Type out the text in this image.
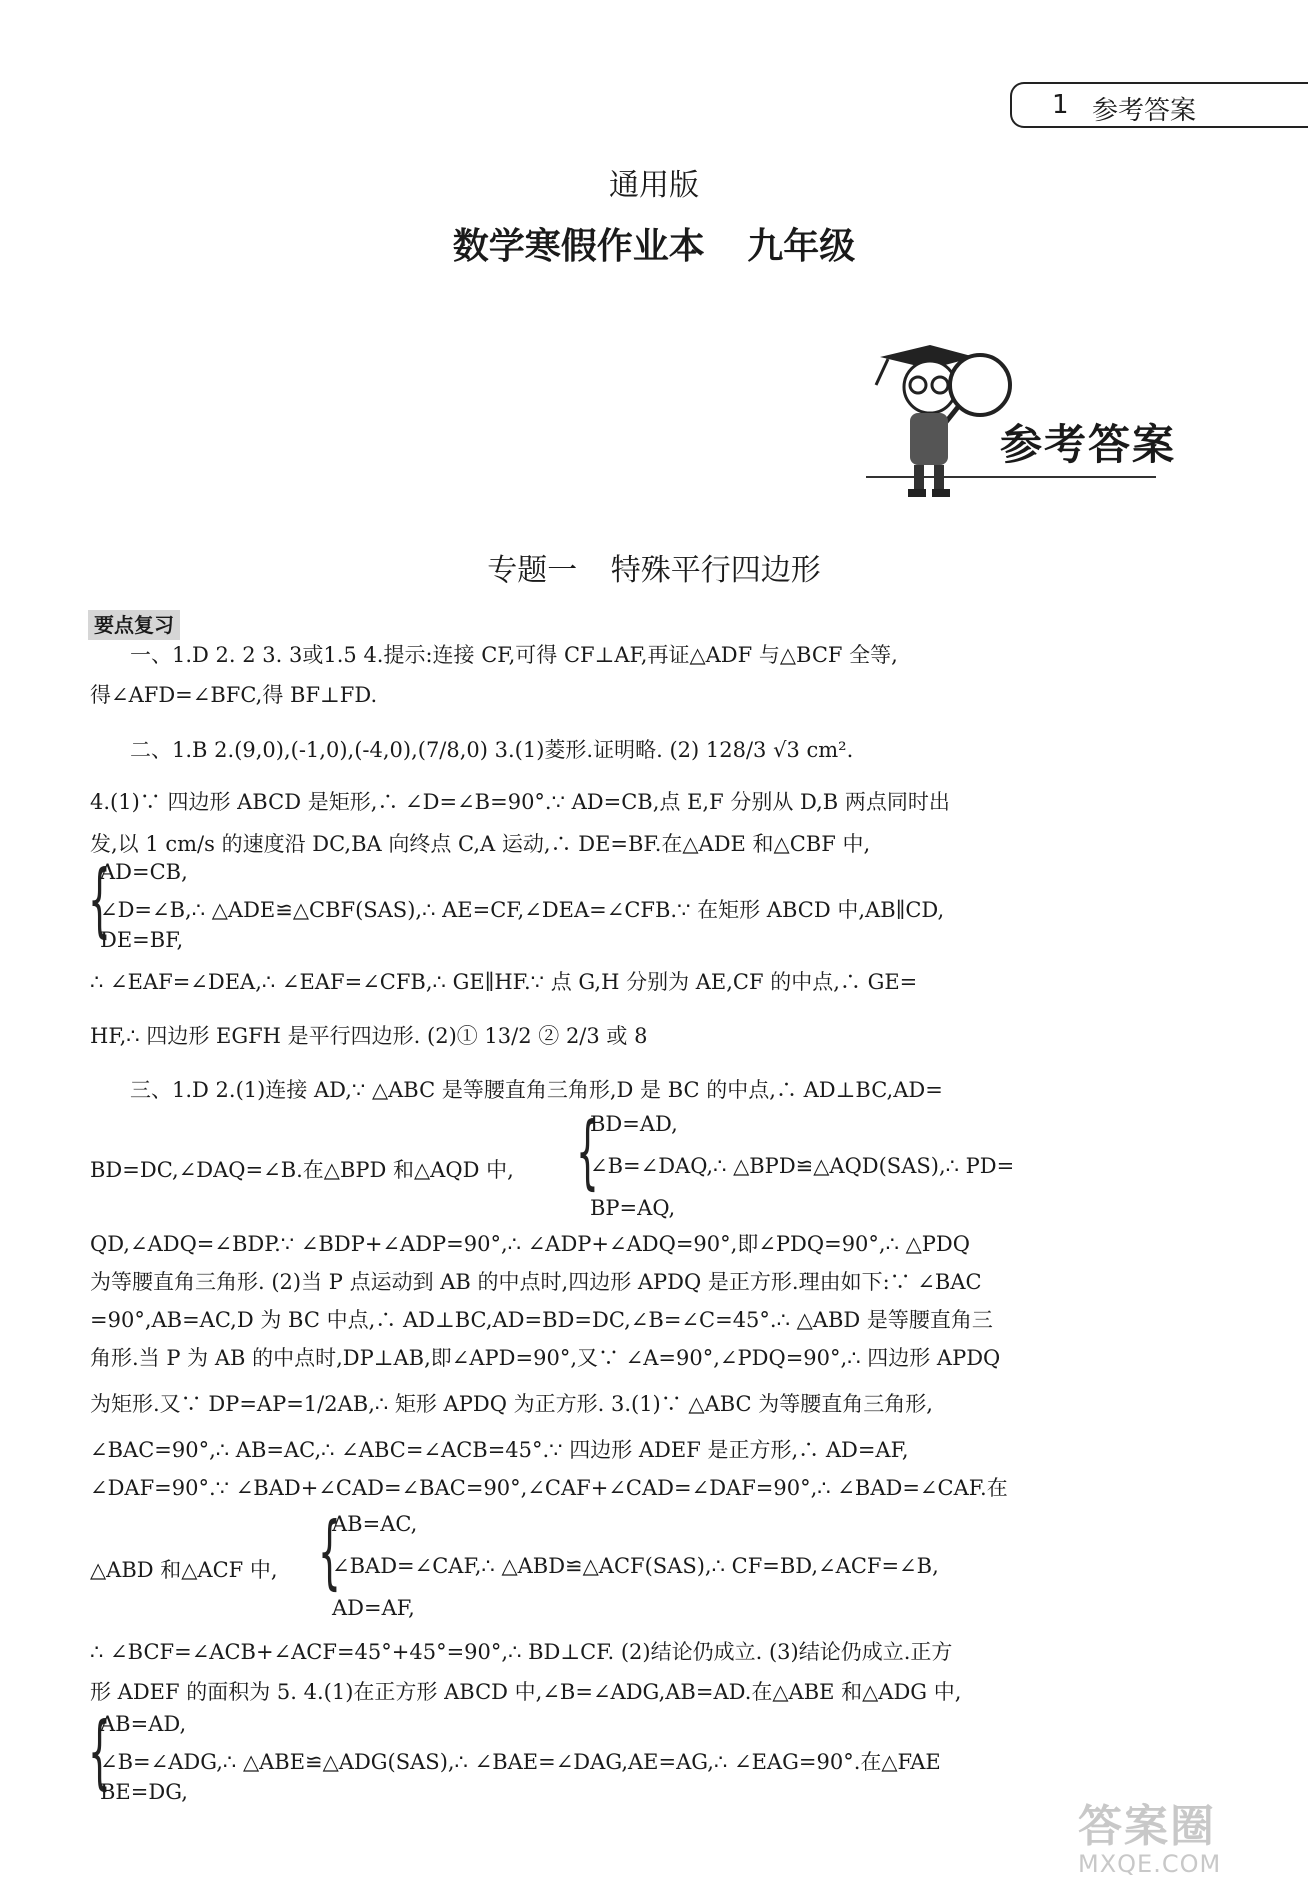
1 参考答案
通用版
数学寒假作业本 九年级
参考答案
专题一 特殊平行四边形
要点复习
一、1.D 2. 2 3. 3或1.5 4.提示:连接 CF,可得 CF⊥AF,再证△ADF 与△BCF 全等,
得∠AFD=∠BFC,得 BF⊥FD.
二、1.B 2.(9,0),(-1,0),(-4,0),(7/8,0) 3.(1)菱形.证明略. (2) 128/3 √3 cm².
4.(1)∵ 四边形 ABCD 是矩形,∴ ∠D=∠B=90°.∵ AD=CB,点 E,F 分别从 D,B 两点同时出
发,以 1 cm/s 的速度沿 DC,BA 向终点 C,A 运动,∴ DE=BF.在△ADE 和△CBF 中,
{
AD=CB,
∠D=∠B,∴ △ADE≌△CBF(SAS),∴ AE=CF,∠DEA=∠CFB.∵ 在矩形 ABCD 中,AB∥CD,
DE=BF,
∴ ∠EAF=∠DEA,∴ ∠EAF=∠CFB,∴ GE∥HF.∵ 点 G,H 分别为 AE,CF 的中点,∴ GE=
HF,∴ 四边形 EGFH 是平行四边形. (2)① 13/2 ② 2/3 或 8
三、1.D 2.(1)连接 AD,∵ △ABC 是等腰直角三角形,D 是 BC 的中点,∴ AD⊥BC,AD=
BD=DC,∠DAQ=∠B.在△BPD 和△AQD 中, {
BD=AD,
∠B=∠DAQ,∴ △BPD≌△AQD(SAS),∴ PD=
BP=AQ,
QD,∠ADQ=∠BDP.∵ ∠BDP+∠ADP=90°,∴ ∠ADP+∠ADQ=90°,即∠PDQ=90°,∴ △PDQ
为等腰直角三角形. (2)当 P 点运动到 AB 的中点时,四边形 APDQ 是正方形.理由如下:∵ ∠BAC
=90°,AB=AC,D 为 BC 中点,∴ AD⊥BC,AD=BD=DC,∠B=∠C=45°.∴ △ABD 是等腰直角三
角形.当 P 为 AB 的中点时,DP⊥AB,即∠APD=90°,又∵ ∠A=90°,∠PDQ=90°,∴ 四边形 APDQ
为矩形.又∵ DP=AP=1/2AB,∴ 矩形 APDQ 为正方形. 3.(1)∵ △ABC 为等腰直角三角形,
∠BAC=90°,∴ AB=AC,∴ ∠ABC=∠ACB=45°.∵ 四边形 ADEF 是正方形,∴ AD=AF,
∠DAF=90°.∵ ∠BAD+∠CAD=∠BAC=90°,∠CAF+∠CAD=∠DAF=90°,∴ ∠BAD=∠CAF.在
△ABD 和△ACF 中, {
AB=AC,
∠BAD=∠CAF,∴ △ABD≌△ACF(SAS),∴ CF=BD,∠ACF=∠B,
AD=AF,
∴ ∠BCF=∠ACB+∠ACF=45°+45°=90°,∴ BD⊥CF. (2)结论仍成立. (3)结论仍成立.正方
形 ADEF 的面积为 5. 4.(1)在正方形 ABCD 中,∠B=∠ADG,AB=AD.在△ABE 和△ADG 中,
{
AB=AD,
∠B=∠ADG,∴ △ABE≌△ADG(SAS),∴ ∠BAE=∠DAG,AE=AG,∴ ∠EAG=90°.在△FAE
BE=DG,
答案圈
MXQE.COM
